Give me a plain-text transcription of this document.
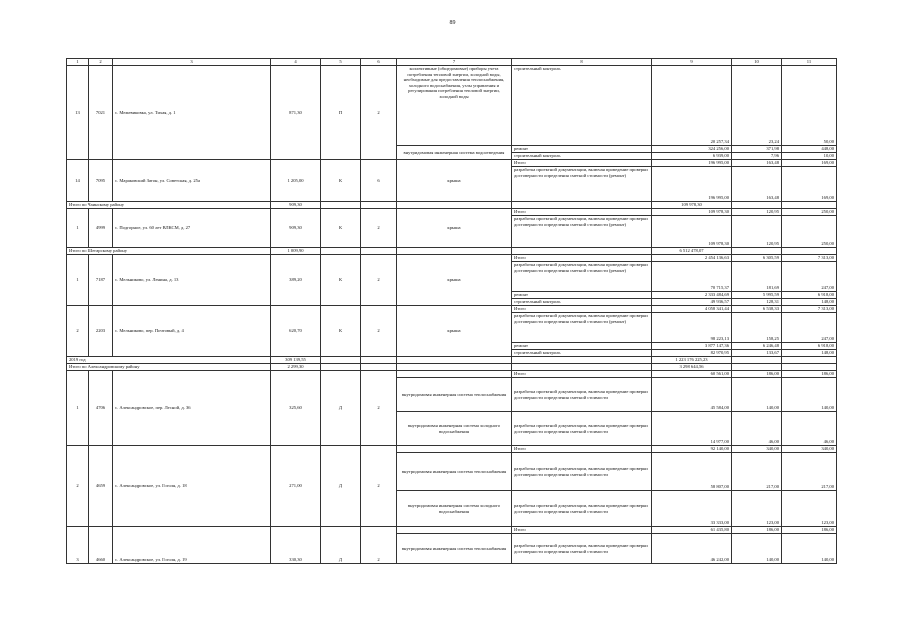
89
1	2	3	4	5	6	7	8	9	10	11
13	7021	с. Межевиковка, ул. Тихая, д. 1	871,30	П	2	коллективные (общедомовые) приборы учета потребления тепловой энергии, холодной воды, необходимые для предоставления теплоснабжения, холодного водоснабжения, узлы управления и регулирования потребления тепловой энергии, холодной воды	строительный контроль	20 257,34	23,24	50,00
						внутридомовая инженерная система водоотведения	ремонт	324 256,00	371,98	448,00
							строительный контроль	6 939,00	7,96	10,00
14	7095	с. Мараковский Затон, ул. Советская, д. 25а	1 205,00	К	6	крыша	Итого	196 995,00	163,48	169,00
							разработка проектной документации, включая проведение проверки достоверности определения сметной стоимости (ремонт)	196 995,00	163,48	169,00
Итого по Чаинскому району			909,30					109 978,30		
1	4999	с. Подгорное, ул. 60 лет ВЛКСМ, д. 27	909,30	К	2	крыша	Итого	109 978,30	120,95	250,00
							разработка проектной документации, включая проведение проверки достоверности определения сметной стоимости (ремонт)	109 978,30	120,95	250,00
Итого по Шегарскому району			1 009,90					6 512 478,07		
1	7187	с. Мельниково, ул. Ленина, д. 13	389,20	К	2	крыша	Итого	2 454 136,63	6 305,59	7 313,00
							разработка проектной документации, включая проведение проверки достоверности определения сметной стоимости (ремонт)	70 715,37	181,69	247,00
							ремонт	2 333 484,69	5 995,59	6 918,00
							строительный контроль	49 936,57	128,31	148,00
2	2203	с. Мельниково, пер. Почтовый, д. 4	620,70	К	2	крыша	Итого	4 058 341,44	6 538,33	7 313,00
							разработка проектной документации, включая проведение проверки достоверности определения сметной стоимости (ремонт)	98 223,13	158,25	247,00
							ремонт	3 877 147,36	6 246,48	6 918,00
							строительный контроль	82 970,95	133,67	148,00
2019 год			309 139,55					1 223 176 225,23		
Итого по Александровскому району			2 299,30					3 298 644,56		
1	4706	с. Александровское, пер. Лесной, д. 36	325,60	Д	2		Итого	60 561,00	186,00	186,00
						внутридомовая инженерная система теплоснабжения	разработка проектной документации, включая проведение проверки достоверности определения сметной стоимости	45 584,00	140,00	140,00
						внутридомовая инженерная система холодного водоснабжения	разработка проектной документации, включая проведение проверки достоверности определения сметной стоимости	14 977,00	46,00	46,00
2	4659	с. Александровское, ул. Гоголя, д. 18	271,00	Д	2		Итого	92 140,00	340,00	340,00
						внутридомовая инженерная система теплоснабжения	разработка проектной документации, включая проведение проверки достоверности определения сметной стоимости	58 807,00	217,00	217,00
						внутридомовая инженерная система холодного водоснабжения	разработка проектной документации, включая проведение проверки достоверности определения сметной стоимости	33 333,00	123,00	123,00
3	4660	с. Александровское, ул. Гоголя, д. 19	330,30	Д	2		Итого	61 435,80	186,00	186,00
						внутридомовая инженерная система теплоснабжения	разработка проектной документации, включая проведение проверки достоверности определения сметной стоимости	46 242,00	140,00	140,00
